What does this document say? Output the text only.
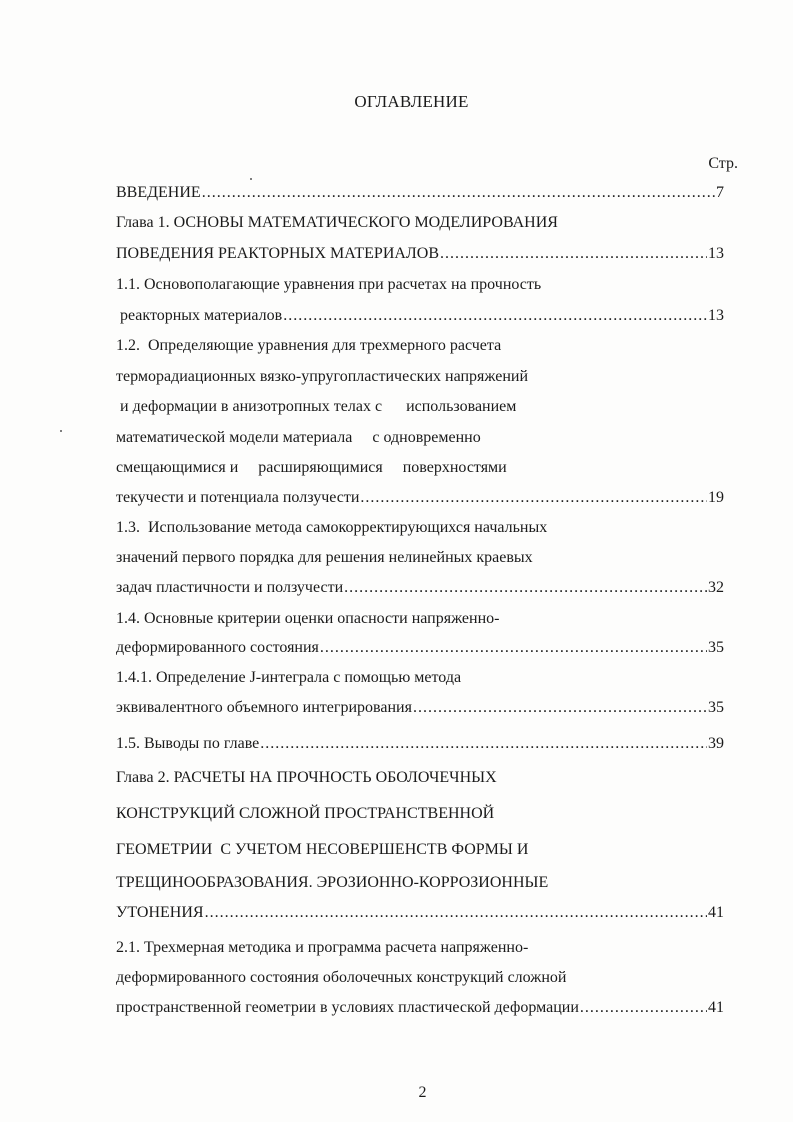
ОГЛАВЛЕНИЕ
Стр.
ВВЕДЕНИЕ .....	7
Глава 1. ОСНОВЫ МАТЕМАТИЧЕСКОГО МОДЕЛИРОВАНИЯ
ПОВЕДЕНИЯ РЕАКТОРНЫХ МАТЕРИАЛОВ .....	13
1.1. Основополагающие уравнения при расчетах на прочность
реакторных материалов .....	13
1.2.  Определяющие уравнения для трехмерного расчета
терморадиационных вязко-упругопластических напряжений
и деформации в анизотропных телах с      использованием
математической модели материала     с одновременно
смещающимися и     расширяющимися     поверхностями
текучести и потенциала ползучести .....	19
1.3.  Использование метода самокорректирующихся начальных
значений первого порядка для решения нелинейных краевых
задач пластичности и ползучести .....	32
1.4. Основные критерии оценки опасности напряженно-
деформированного состояния .....	35
1.4.1. Определение J-интеграла с помощью метода
эквивалентного объемного интегрирования .....	35
1.5. Выводы по главе .....	39
Глава 2. РАСЧЕТЫ НА ПРОЧНОСТЬ ОБОЛОЧЕЧНЫХ
КОНСТРУКЦИЙ СЛОЖНОЙ ПРОСТРАНСТВЕННОЙ
ГЕОМЕТРИИ  С УЧЕТОМ НЕСОВЕРШЕНСТВ ФОРМЫ И
ТРЕЩИНООБРАЗОВАНИЯ. ЭРОЗИОННО-КОРРОЗИОННЫЕ
УТОНЕНИЯ .....	41
2.1. Трехмерная методика и программа расчета напряженно-
деформированного состояния оболочечных конструкций сложной
пространственной геометрии в условиях пластической деформации .....	41
2
